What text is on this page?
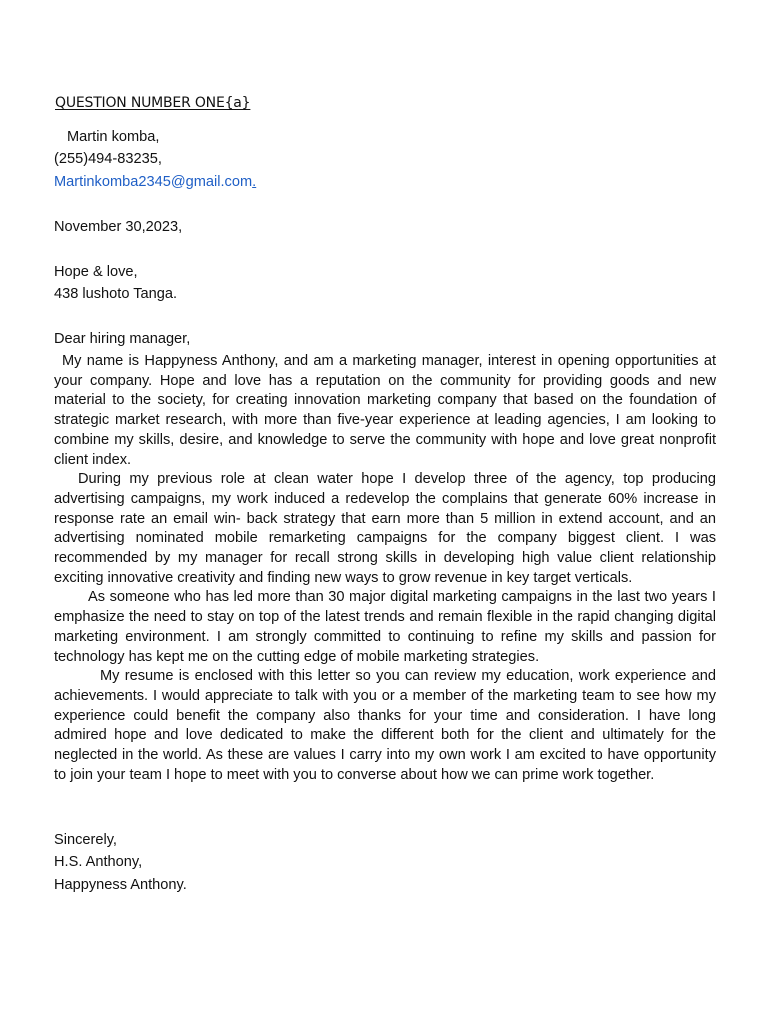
QUESTION NUMBER ONE{a}
Martin komba,
(255)494-83235,
Martinkomba2345@gmail.com.
November 30,2023,
Hope & love,
438 lushoto Tanga.
Dear hiring manager,

My name is Happyness Anthony, and am a marketing manager, interest in opening opportunities at your company. Hope and love has a reputation on the community for providing goods and new material to the society, for creating innovation marketing company that based on the foundation of strategic market research, with more than five-year experience at leading agencies, I am looking to combine my skills, desire, and knowledge to serve the community with hope and love great nonprofit client index.

During my previous role at clean water hope I develop three of the agency, top producing advertising campaigns, my work induced a redevelop the complains that generate 60% increase in response rate an email win- back strategy that earn more than 5 million in extend account, and an advertising nominated mobile remarketing campaigns for the company biggest client. I was recommended by my manager for recall strong skills in developing high value client relationship exciting innovative creativity and finding new ways to grow revenue in key target verticals.

As someone who has led more than 30 major digital marketing campaigns in the last two years I emphasize the need to stay on top of the latest trends and remain flexible in the rapid changing digital marketing environment. I am strongly committed to continuing to refine my skills and passion for technology has kept me on the cutting edge of mobile marketing strategies.

My resume is enclosed with this letter so you can review my education, work experience and achievements. I would appreciate to talk with you or a member of the marketing team to see how my experience could benefit the company also thanks for your time and consideration. I have long admired hope and love dedicated to make the different both for the client and ultimately for the neglected in the world. As these are values I carry into my own work I am excited to have opportunity to join your team I hope to meet with you to converse about how we can prime work together.

Sincerely,
H.S. Anthony,
Happyness Anthony.
